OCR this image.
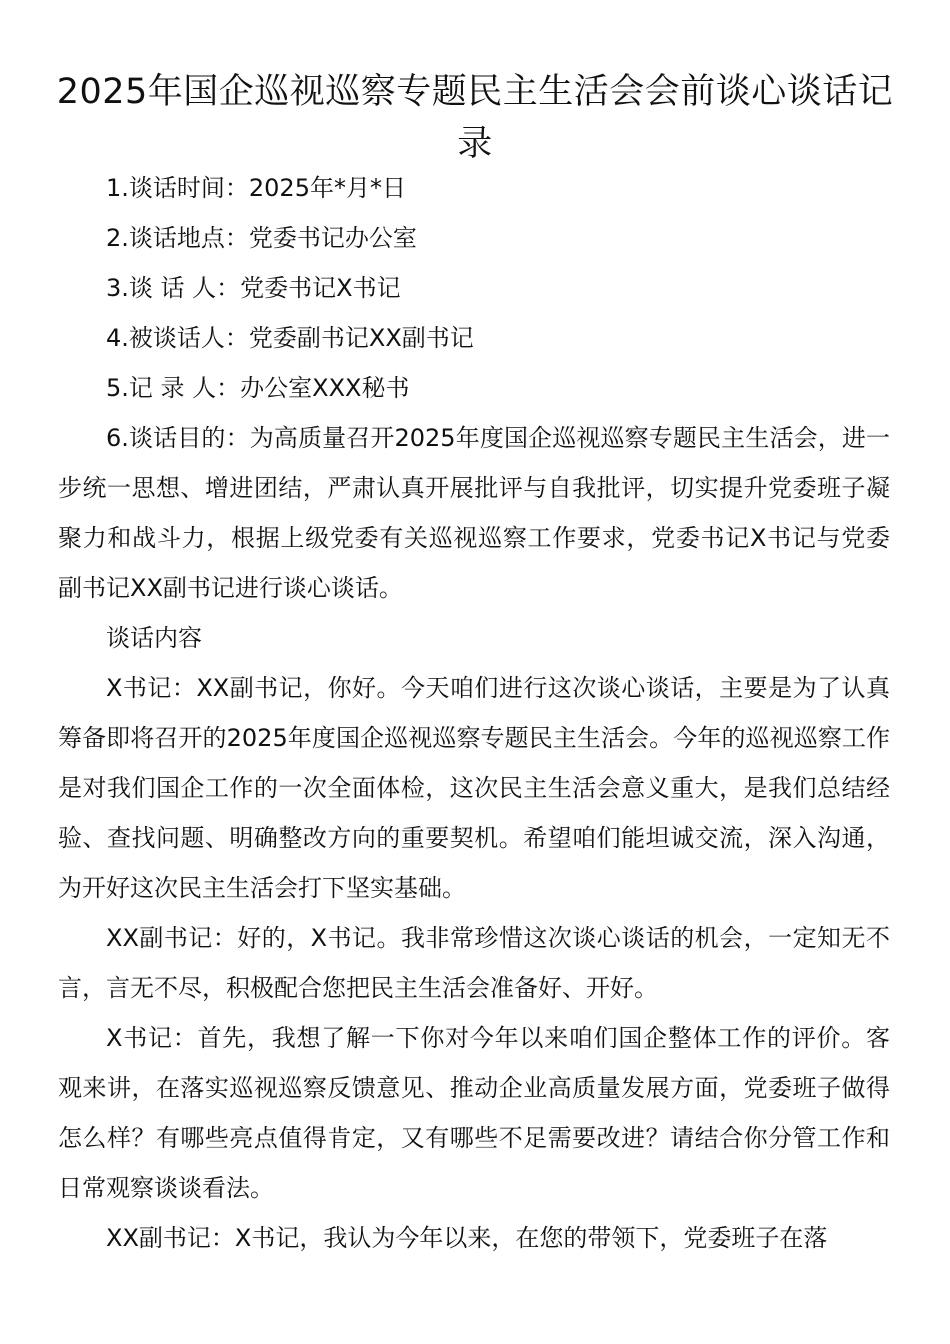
2025年国企巡视巡察专题民主生活会会前谈心谈话记录

1.谈话时间：2025年*月*日

2.谈话地点：党委书记办公室

3.谈 话 人：党委书记X书记

4.被谈话人：党委副书记XX副书记

5.记 录 人：办公室XXX秘书

6.谈话目的：为高质量召开2025年度国企巡视巡察专题民主生活会，进一步统一思想、增进团结，严肃认真开展批评与自我批评，切实提升党委班子凝聚力和战斗力，根据上级党委有关巡视巡察工作要求，党委书记X书记与党委副书记XX副书记进行谈心谈话。

谈话内容

X书记：XX副书记，你好。今天咱们进行这次谈心谈话，主要是为了认真筹备即将召开的2025年度国企巡视巡察专题民主生活会。今年的巡视巡察工作是对我们国企工作的一次全面体检，这次民主生活会意义重大，是我们总结经验、查找问题、明确整改方向的重要契机。希望咱们能坦诚交流，深入沟通，为开好这次民主生活会打下坚实基础。

XX副书记：好的，X书记。我非常珍惜这次谈心谈话的机会，一定知无不言，言无不尽，积极配合您把民主生活会准备好、开好。

X书记：首先，我想了解一下你对今年以来咱们国企整体工作的评价。客观来讲，在落实巡视巡察反馈意见、推动企业高质量发展方面，党委班子做得怎么样？有哪些亮点值得肯定，又有哪些不足需要改进？请结合你分管工作和日常观察谈谈看法。

XX副书记：X书记，我认为今年以来，在您的带领下，党委班子在落
